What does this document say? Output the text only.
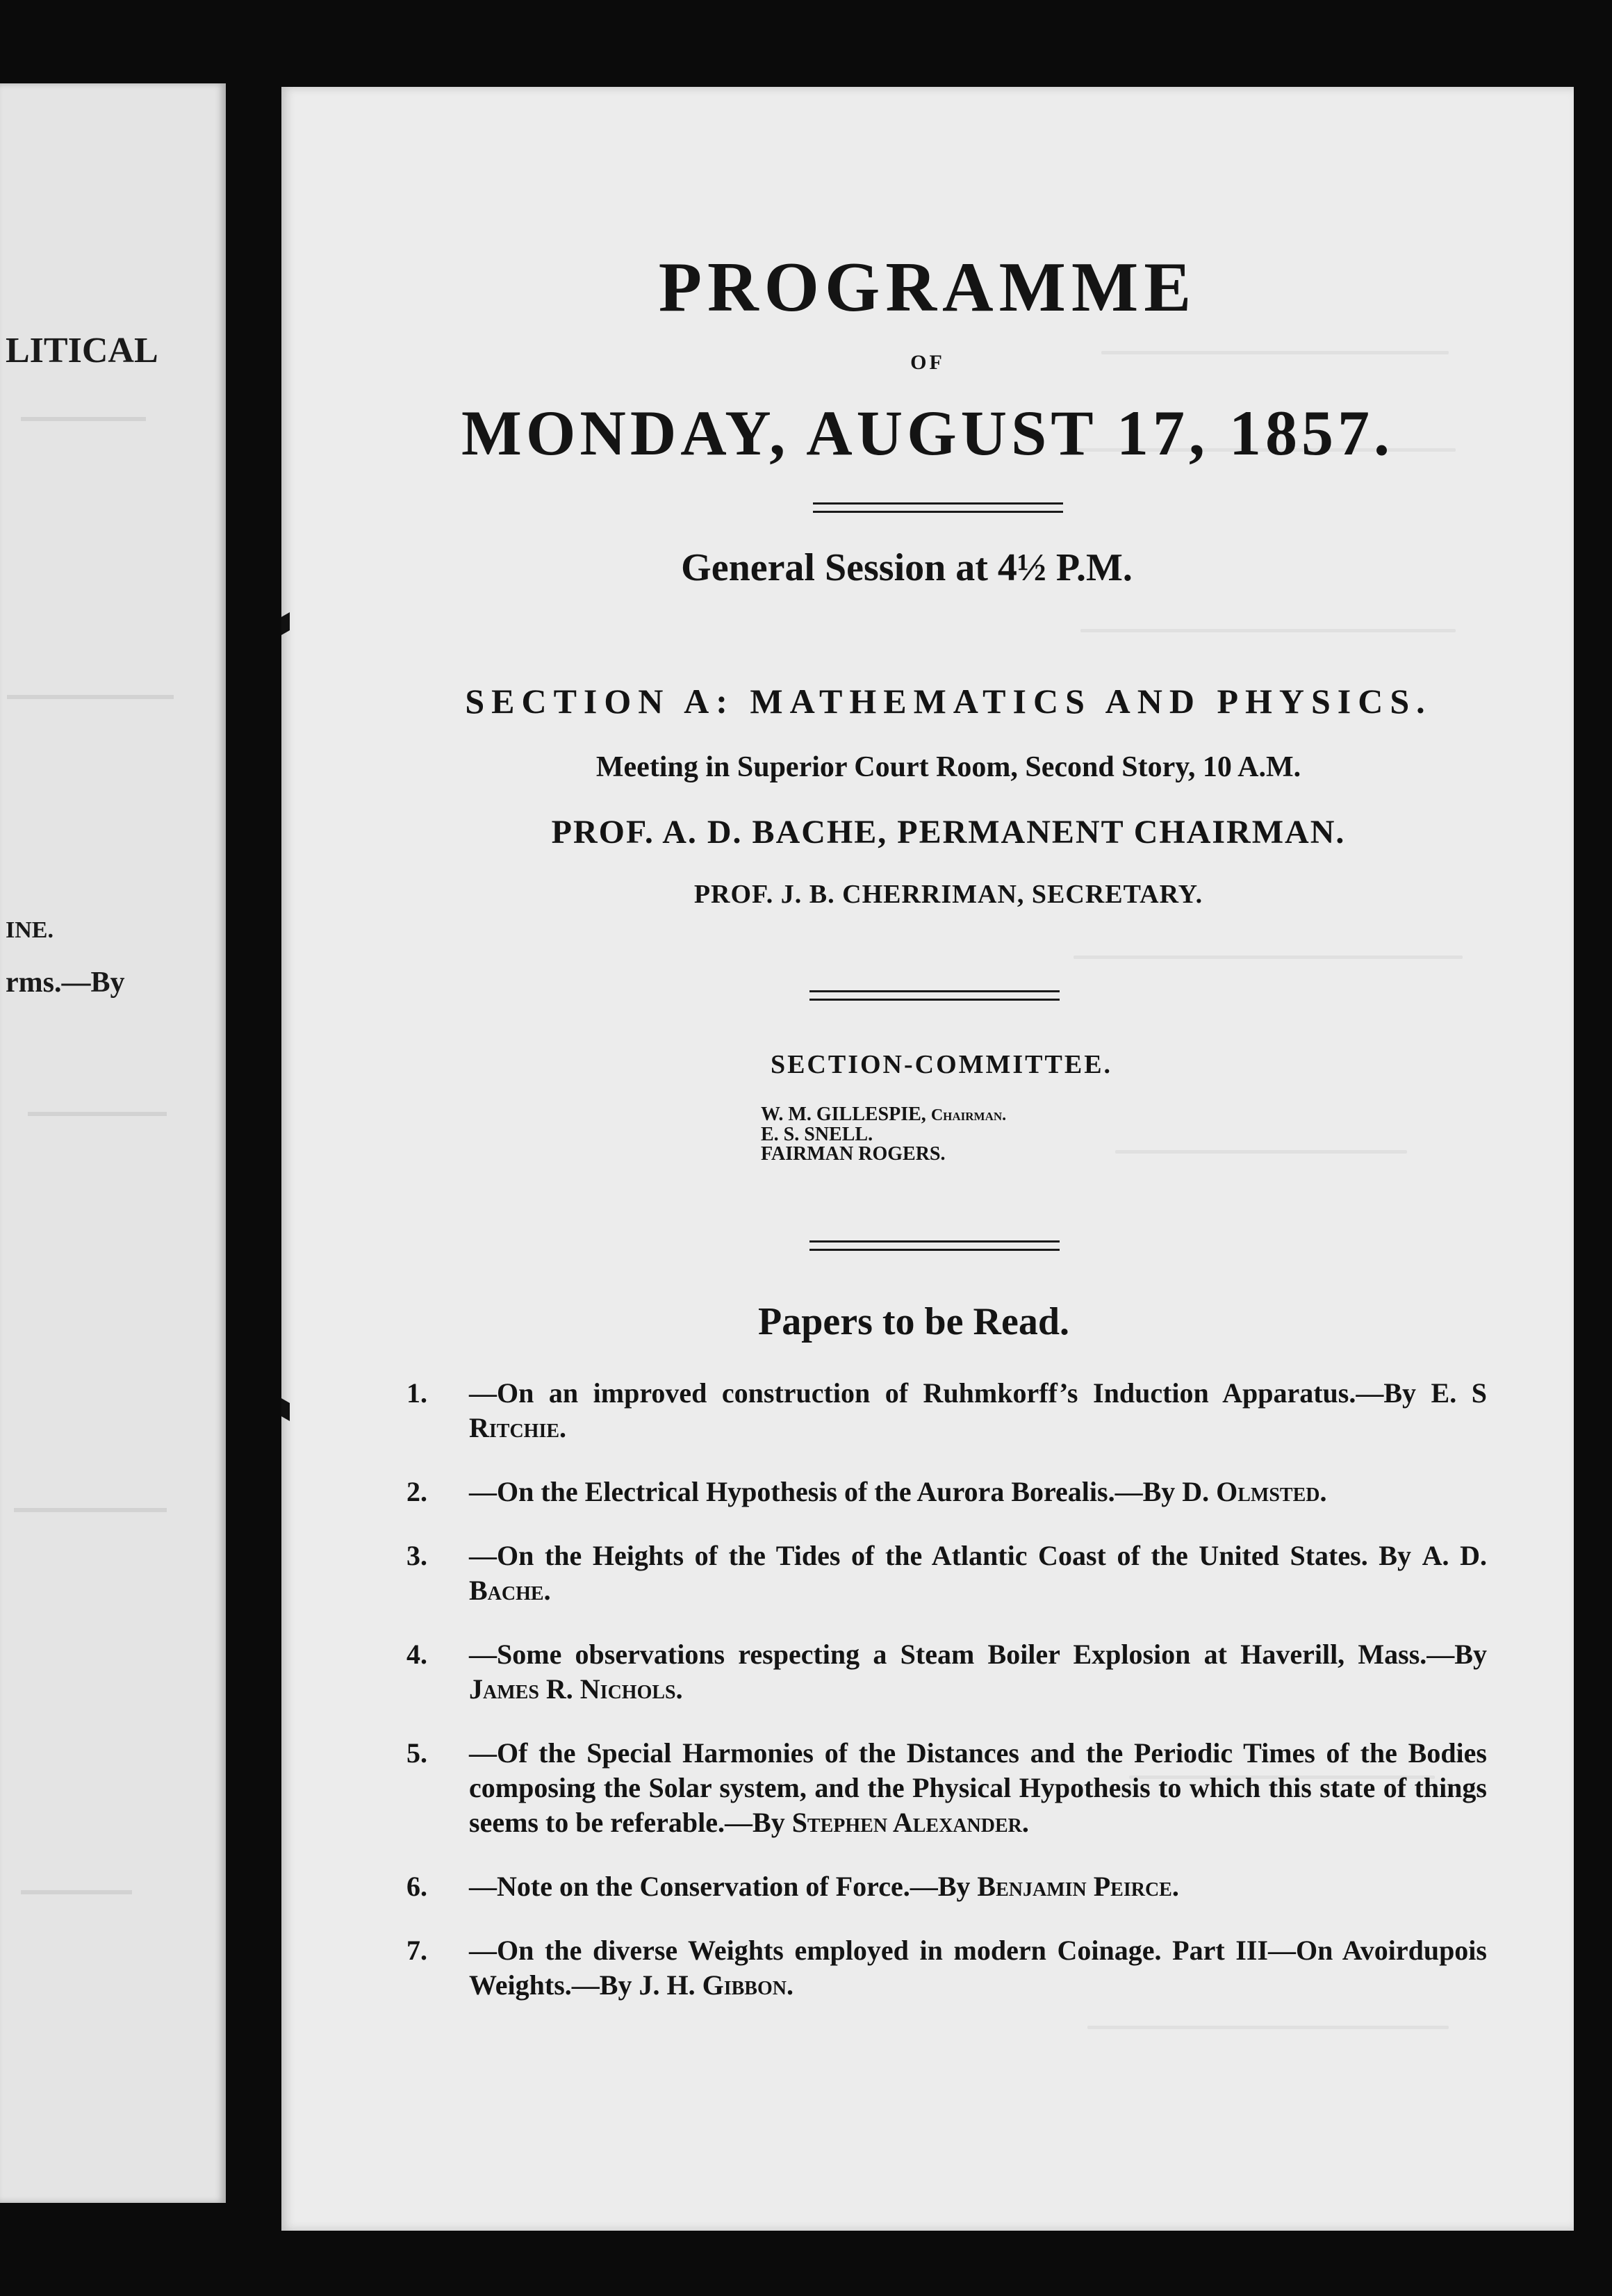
LITICAL
INE.
rms.—By
PROGRAMME
OF
MONDAY, AUGUST 17, 1857.
General Session at 4½ P.M.
SECTION A: MATHEMATICS AND PHYSICS.
Meeting in Superior Court Room, Second Story, 10 A.M.
PROF. A. D. BACHE, PERMANENT CHAIRMAN.
PROF. J. B. CHERRIMAN, SECRETARY.
SECTION-COMMITTEE.
W. M. GILLESPIE, Chairman.
E. S. SNELL.
FAIRMAN ROGERS.
Papers to be Read.
1. —On an improved construction of Ruhmkorff’s Induction Apparatus.—By E. S Ritchie.
2. —On the Electrical Hypothesis of the Aurora Borealis.—By D. Olmsted.
3. —On the Heights of the Tides of the Atlantic Coast of the United States. By A. D. Bache.
4. —Some observations respecting a Steam Boiler Explosion at Haverill, Mass.—By James R. Nichols.
5. —Of the Special Harmonies of the Distances and the Periodic Times of the Bodies composing the Solar system, and the Physical Hypothesis to which this state of things seems to be referable.—By Stephen Alexander.
6. —Note on the Conservation of Force.—By Benjamin Peirce.
7. —On the diverse Weights employed in modern Coinage. Part III—On Avoirdupois Weights.—By J. H. Gibbon.
